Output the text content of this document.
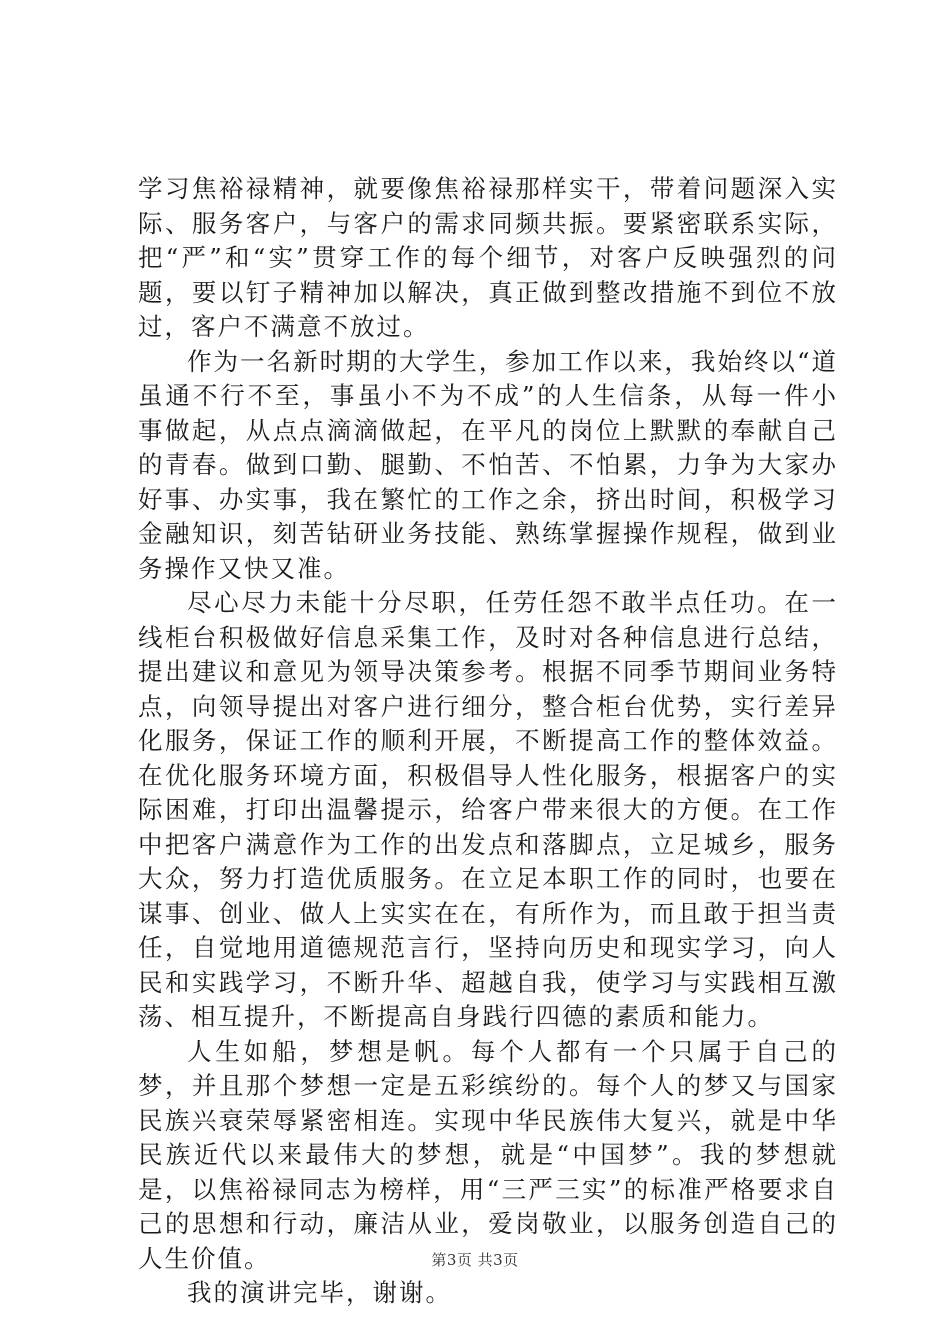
学习焦裕禄精神，就要像焦裕禄那样实干，带着问题深入实际、服务客户，与客户的需求同频共振。要紧密联系实际，把“严”和“实”贯穿工作的每个细节，对客户反映强烈的问题，要以钉子精神加以解决，真正做到整改措施不到位不放过，客户不满意不放过。

作为一名新时期的大学生，参加工作以来，我始终以“道虽通不行不至，事虽小不为不成”的人生信条，从每一件小事做起，从点点滴滴做起，在平凡的岗位上默默的奉献自己的青春。做到口勤、腿勤、不怕苦、不怕累，力争为大家办好事、办实事，我在繁忙的工作之余，挤出时间，积极学习金融知识，刻苦钻研业务技能、熟练掌握操作规程，做到业务操作又快又准。

尽心尽力未能十分尽职，任劳任怨不敢半点任功。在一线柜台积极做好信息采集工作，及时对各种信息进行总结，提出建议和意见为领导决策参考。根据不同季节期间业务特点，向领导提出对客户进行细分，整合柜台优势，实行差异化服务，保证工作的顺利开展，不断提高工作的整体效益。在优化服务环境方面，积极倡导人性化服务，根据客户的实际困难，打印出温馨提示，给客户带来很大的方便。在工作中把客户满意作为工作的出发点和落脚点，立足城乡，服务大众，努力打造优质服务。在立足本职工作的同时，也要在谋事、创业、做人上实实在在，有所作为，而且敢于担当责任，自觉地用道德规范言行，坚持向历史和现实学习，向人民和实践学习，不断升华、超越自我，使学习与实践相互激荡、相互提升，不断提高自身践行四德的素质和能力。

人生如船，梦想是帆。每个人都有一个只属于自己的梦，并且那个梦想一定是五彩缤纷的。每个人的梦又与国家民族兴衰荣辱紧密相连。实现中华民族伟大复兴，就是中华民族近代以来最伟大的梦想，就是“中国梦”。我的梦想就是，以焦裕禄同志为榜样，用“三严三实”的标准严格要求自己的思想和行动，廉洁从业，爱岗敬业，以服务创造自己的人生价值。

我的演讲完毕，谢谢。

第3页 共3页
